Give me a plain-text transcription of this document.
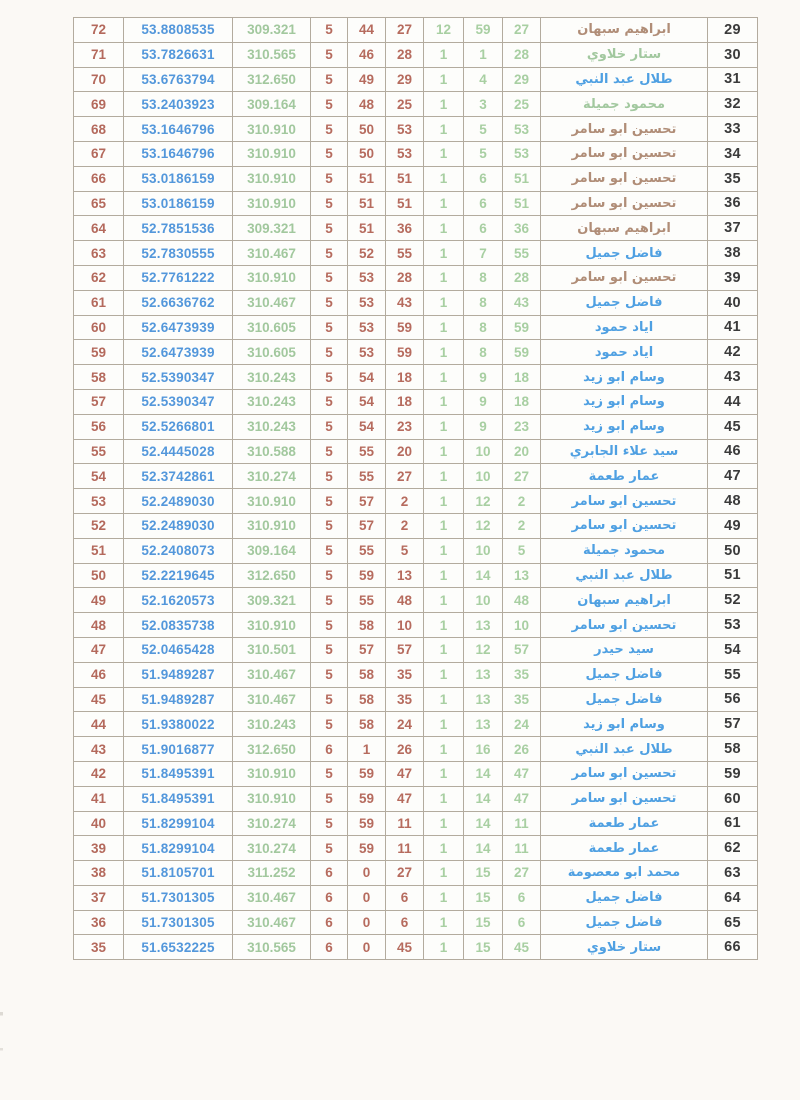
72	53.8808535	309.321	5	44	27	12	59	27	ابراهيم سبهان	29
71	53.7826631	310.565	5	46	28	1	1	28	ستار خلاوي	30
70	53.6763794	312.650	5	49	29	1	4	29	طلال عبد النبي	31
69	53.2403923	309.164	5	48	25	1	3	25	محمود جميلة	32
68	53.1646796	310.910	5	50	53	1	5	53	تحسين ابو سامر	33
67	53.1646796	310.910	5	50	53	1	5	53	تحسين ابو سامر	34
66	53.0186159	310.910	5	51	51	1	6	51	تحسين ابو سامر	35
65	53.0186159	310.910	5	51	51	1	6	51	تحسين ابو سامر	36
64	52.7851536	309.321	5	51	36	1	6	36	ابراهيم سبهان	37
63	52.7830555	310.467	5	52	55	1	7	55	فاضل جميل	38
62	52.7761222	310.910	5	53	28	1	8	28	تحسين ابو سامر	39
61	52.6636762	310.467	5	53	43	1	8	43	فاضل جميل	40
60	52.6473939	310.605	5	53	59	1	8	59	اياد حمود	41
59	52.6473939	310.605	5	53	59	1	8	59	اياد حمود	42
58	52.5390347	310.243	5	54	18	1	9	18	وسام ابو زيد	43
57	52.5390347	310.243	5	54	18	1	9	18	وسام ابو زيد	44
56	52.5266801	310.243	5	54	23	1	9	23	وسام ابو زيد	45
55	52.4445028	310.588	5	55	20	1	10	20	سيد علاء الجابري	46
54	52.3742861	310.274	5	55	27	1	10	27	عمار طعمة	47
53	52.2489030	310.910	5	57	2	1	12	2	تحسين ابو سامر	48
52	52.2489030	310.910	5	57	2	1	12	2	تحسين ابو سامر	49
51	52.2408073	309.164	5	55	5	1	10	5	محمود جميلة	50
50	52.2219645	312.650	5	59	13	1	14	13	طلال عبد النبي	51
49	52.1620573	309.321	5	55	48	1	10	48	ابراهيم سبهان	52
48	52.0835738	310.910	5	58	10	1	13	10	تحسين ابو سامر	53
47	52.0465428	310.501	5	57	57	1	12	57	سيد حيدر	54
46	51.9489287	310.467	5	58	35	1	13	35	فاضل جميل	55
45	51.9489287	310.467	5	58	35	1	13	35	فاضل جميل	56
44	51.9380022	310.243	5	58	24	1	13	24	وسام ابو زيد	57
43	51.9016877	312.650	6	1	26	1	16	26	طلال عبد النبي	58
42	51.8495391	310.910	5	59	47	1	14	47	تحسين ابو سامر	59
41	51.8495391	310.910	5	59	47	1	14	47	تحسين ابو سامر	60
40	51.8299104	310.274	5	59	11	1	14	11	عمار طعمة	61
39	51.8299104	310.274	5	59	11	1	14	11	عمار طعمة	62
38	51.8105701	311.252	6	0	27	1	15	27	محمد ابو معصومة	63
37	51.7301305	310.467	6	0	6	1	15	6	فاضل جميل	64
36	51.7301305	310.467	6	0	6	1	15	6	فاضل جميل	65
35	51.6532225	310.565	6	0	45	1	15	45	ستار خلاوي	66
